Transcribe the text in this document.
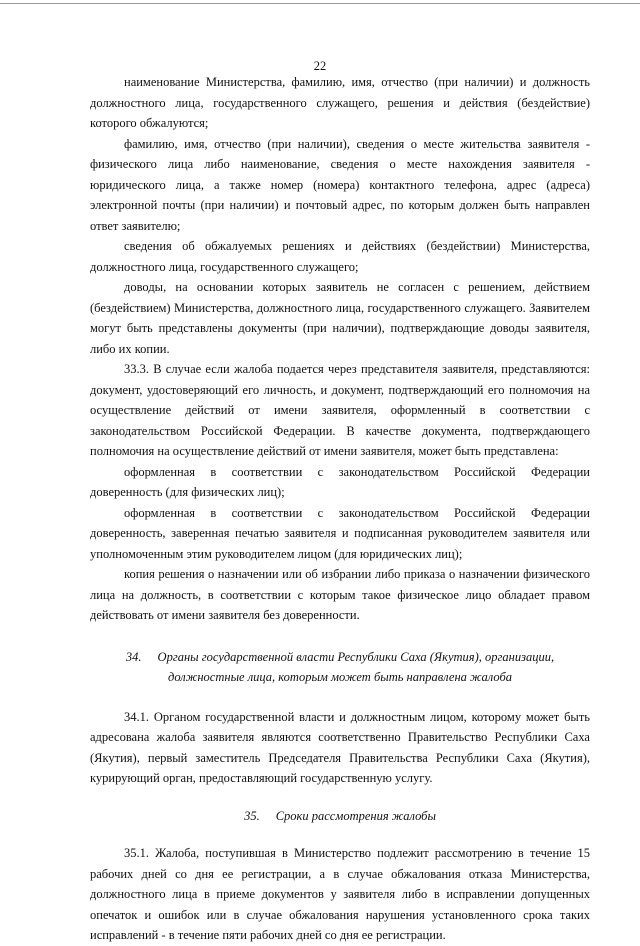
22

наименование Министерства, фамилию, имя, отчество (при наличии) и должность должностного лица, государственного служащего, решения и действия (бездействие) которого обжалуются;

фамилию, имя, отчество (при наличии), сведения о месте жительства заявителя - физического лица либо наименование, сведения о месте нахождения заявителя - юридического лица, а также номер (номера) контактного телефона, адрес (адреса) электронной почты (при наличии) и почтовый адрес, по которым должен быть направлен ответ заявителю;

сведения об обжалуемых решениях и действиях (бездействии) Министерства, должностного лица, государственного служащего;

доводы, на основании которых заявитель не согласен с решением, действием (бездействием) Министерства, должностного лица, государственного служащего. Заявителем могут быть представлены документы (при наличии), подтверждающие доводы заявителя, либо их копии.

33.3. В случае если жалоба подается через представителя заявителя, представляются: документ, удостоверяющий его личность, и документ, подтверждающий его полномочия на осуществление действий от имени заявителя, оформленный в соответствии с законодательством Российской Федерации. В качестве документа, подтверждающего полномочия на осуществление действий от имени заявителя, может быть представлена:

оформленная в соответствии с законодательством Российской Федерации доверенность (для физических лиц);

оформленная в соответствии с законодательством Российской Федерации доверенность, заверенная печатью заявителя и подписанная руководителем заявителя или уполномоченным этим руководителем лицом (для юридических лиц);

копия решения о назначении или об избрании либо приказа о назначении физического лица на должность, в соответствии с которым такое физическое лицо обладает правом действовать от имени заявителя без доверенности.

34. Органы государственной власти Республики Саха (Якутия), организации,
должностные лица, которым может быть направлена жалоба

34.1. Органом государственной власти и должностным лицом, которому может быть адресована жалоба заявителя являются соответственно Правительство Республики Саха (Якутия), первый заместитель Председателя Правительства Республики Саха (Якутия), курирующий орган, предоставляющий государственную услугу.

35. Сроки рассмотрения жалобы

35.1. Жалоба, поступившая в Министерство подлежит рассмотрению в течение 15 рабочих дней со дня ее регистрации, а в случае обжалования отказа Министерства, должностного лица в приеме документов у заявителя либо в исправлении допущенных опечаток и ошибок или в случае обжалования нарушения установленного срока таких исправлений - в течение пяти рабочих дней со дня ее регистрации.
